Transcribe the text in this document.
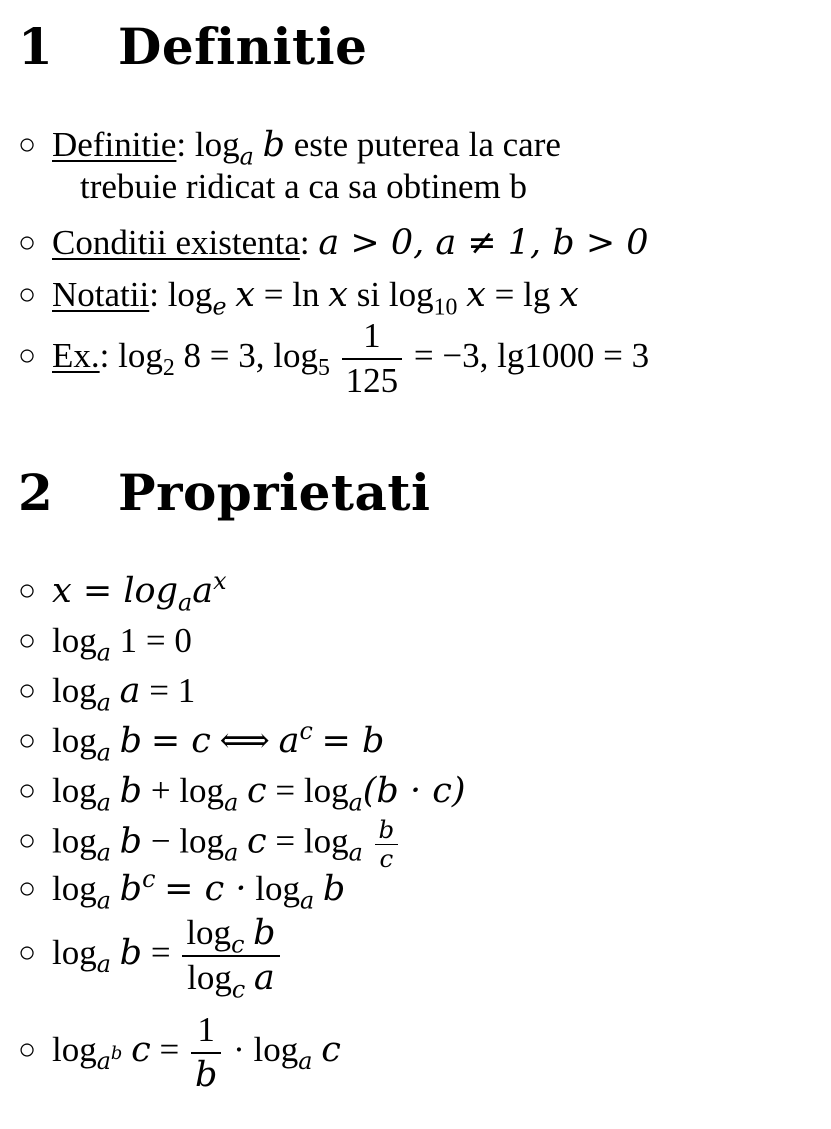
1 Definitie
○ Definitie: $\log_a b$ este puterea la care
trebuie ridicat a ca sa obtinem b
○ Conditii existenta: a > 0, a ≠ 1, b > 0
○ Notatii: $\log_e x = \ln x$ si $\log_{10} x = \lg x$
○ Ex.: $\log_2 8 = 3$, $\log_5 \frac{1}{125} = -3$, lg1000 = 3
2 Proprietati
○ $x = \log_aa^x$
○ $\log_a 1 = 0$
○ $\log_a a = 1$
○ $\log_a b = c$ ⟺ $a^c = b$
○ $\log_a b + \log_a c = \log_a(b \cdot c)$
○ $\log_a b - \log_a c = \log_a \frac{b}{c}$
○ $\log_a b^c = c \cdot \log_a b$
○ $\log_a b = \frac{\log_c b}{\log_c a}$
○ $\log_{a^b} c = \frac{1}{b} \cdot \log_a c$
